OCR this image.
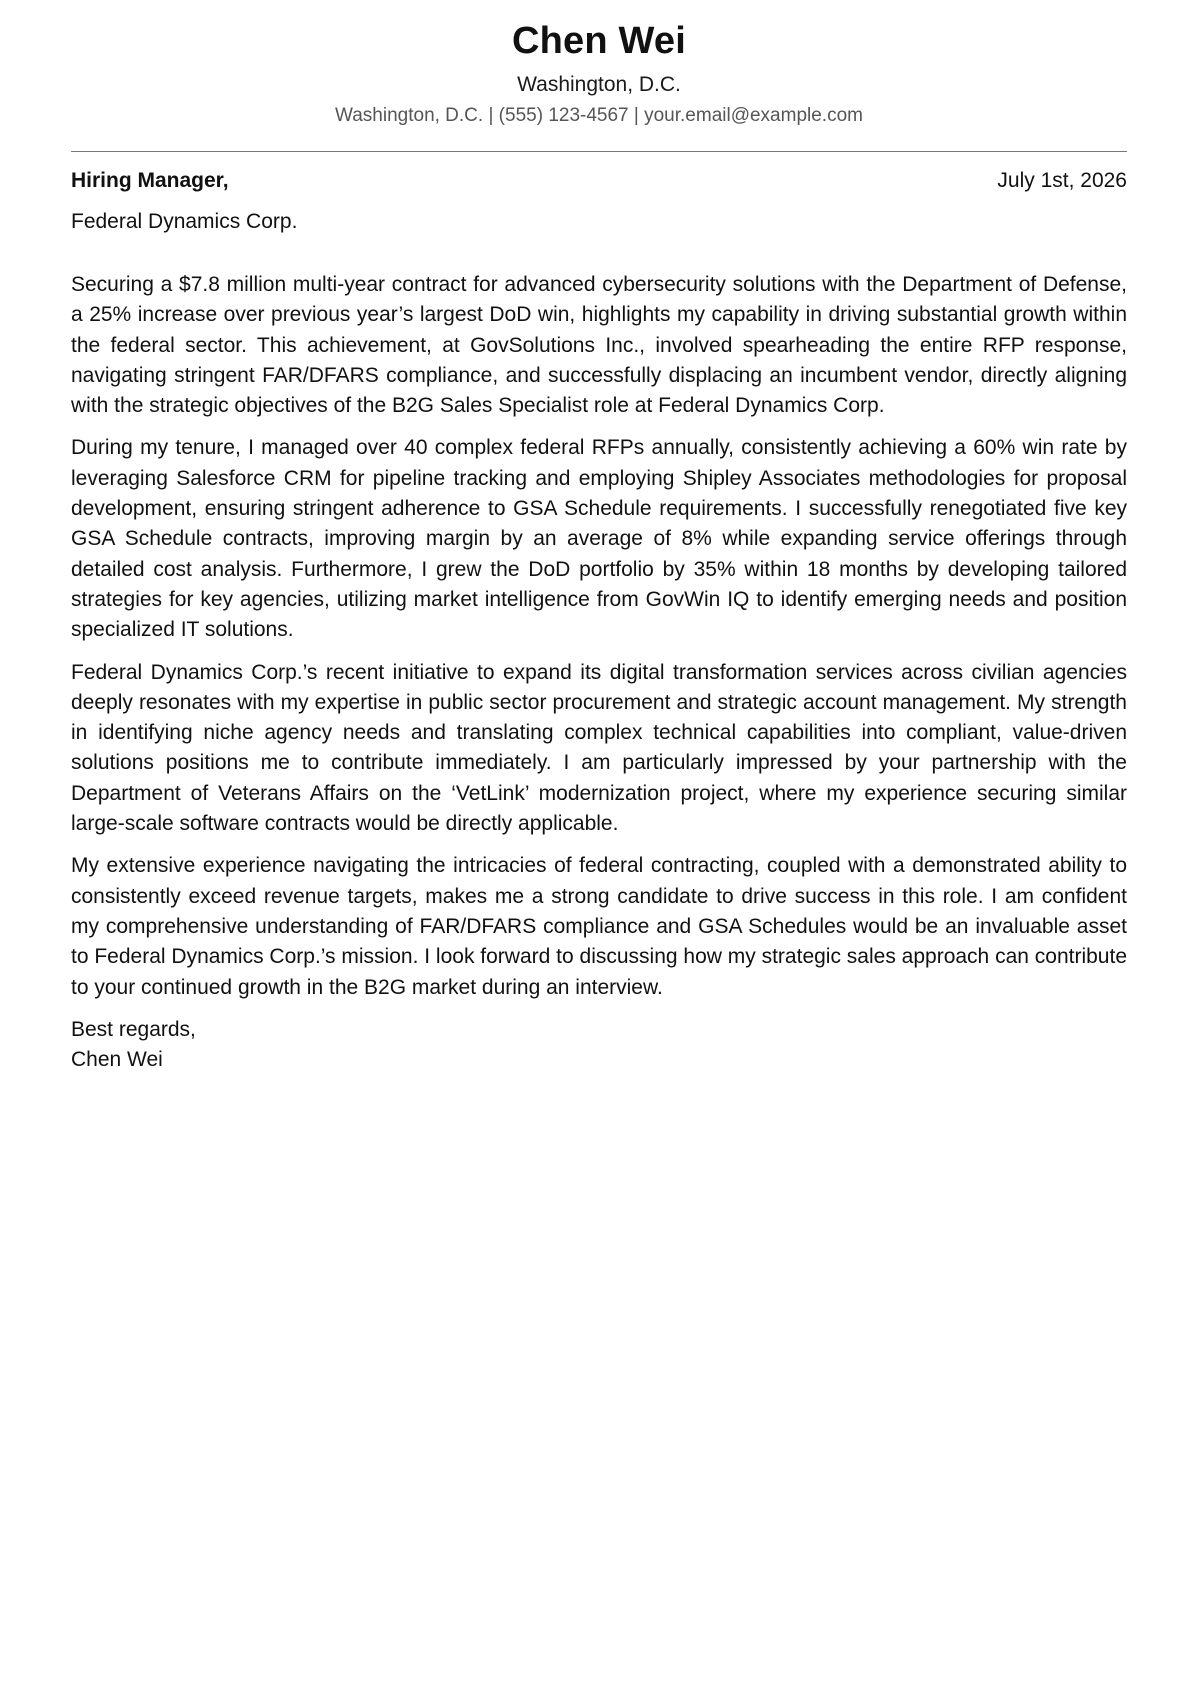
Chen Wei
Washington, D.C.
Washington, D.C. | (555) 123-4567 | your.email@example.com
Hiring Manager,	July 1st, 2026
Federal Dynamics Corp.

Securing a $7.8 million multi-year contract for advanced cybersecurity solutions with the Department of Defense, a 25% increase over previous year’s largest DoD win, highlights my capability in driving substantial growth within the federal sector. This achievement, at GovSolutions Inc., involved spearheading the entire RFP response, navigating stringent FAR/DFARS compliance, and successfully displacing an incumbent vendor, directly aligning with the strategic objectives of the B2G Sales Specialist role at Federal Dynamics Corp.

During my tenure, I managed over 40 complex federal RFPs annually, consistently achieving a 60% win rate by leveraging Salesforce CRM for pipeline tracking and employing Shipley Associates methodologies for proposal development, ensuring stringent adherence to GSA Schedule requirements. I successfully renegotiated five key GSA Schedule contracts, improving margin by an average of 8% while expanding service offerings through detailed cost analysis. Furthermore, I grew the DoD portfolio by 35% within 18 months by developing tailored strategies for key agencies, utilizing market intelligence from GovWin IQ to identify emerging needs and position specialized IT solutions.

Federal Dynamics Corp.’s recent initiative to expand its digital transformation services across civilian agencies deeply resonates with my expertise in public sector procurement and strategic account management. My strength in identifying niche agency needs and translating complex technical capabilities into compliant, value-driven solutions positions me to contribute immediately. I am particularly impressed by your partnership with the Department of Veterans Affairs on the ‘VetLink’ modernization project, where my experience securing similar large-scale software contracts would be directly applicable.

My extensive experience navigating the intricacies of federal contracting, coupled with a demonstrated ability to consistently exceed revenue targets, makes me a strong candidate to drive success in this role. I am confident my comprehensive understanding of FAR/DFARS compliance and GSA Schedules would be an invaluable asset to Federal Dynamics Corp.’s mission. I look forward to discussing how my strategic sales approach can contribute to your continued growth in the B2G market during an interview.

Best regards,
Chen Wei
